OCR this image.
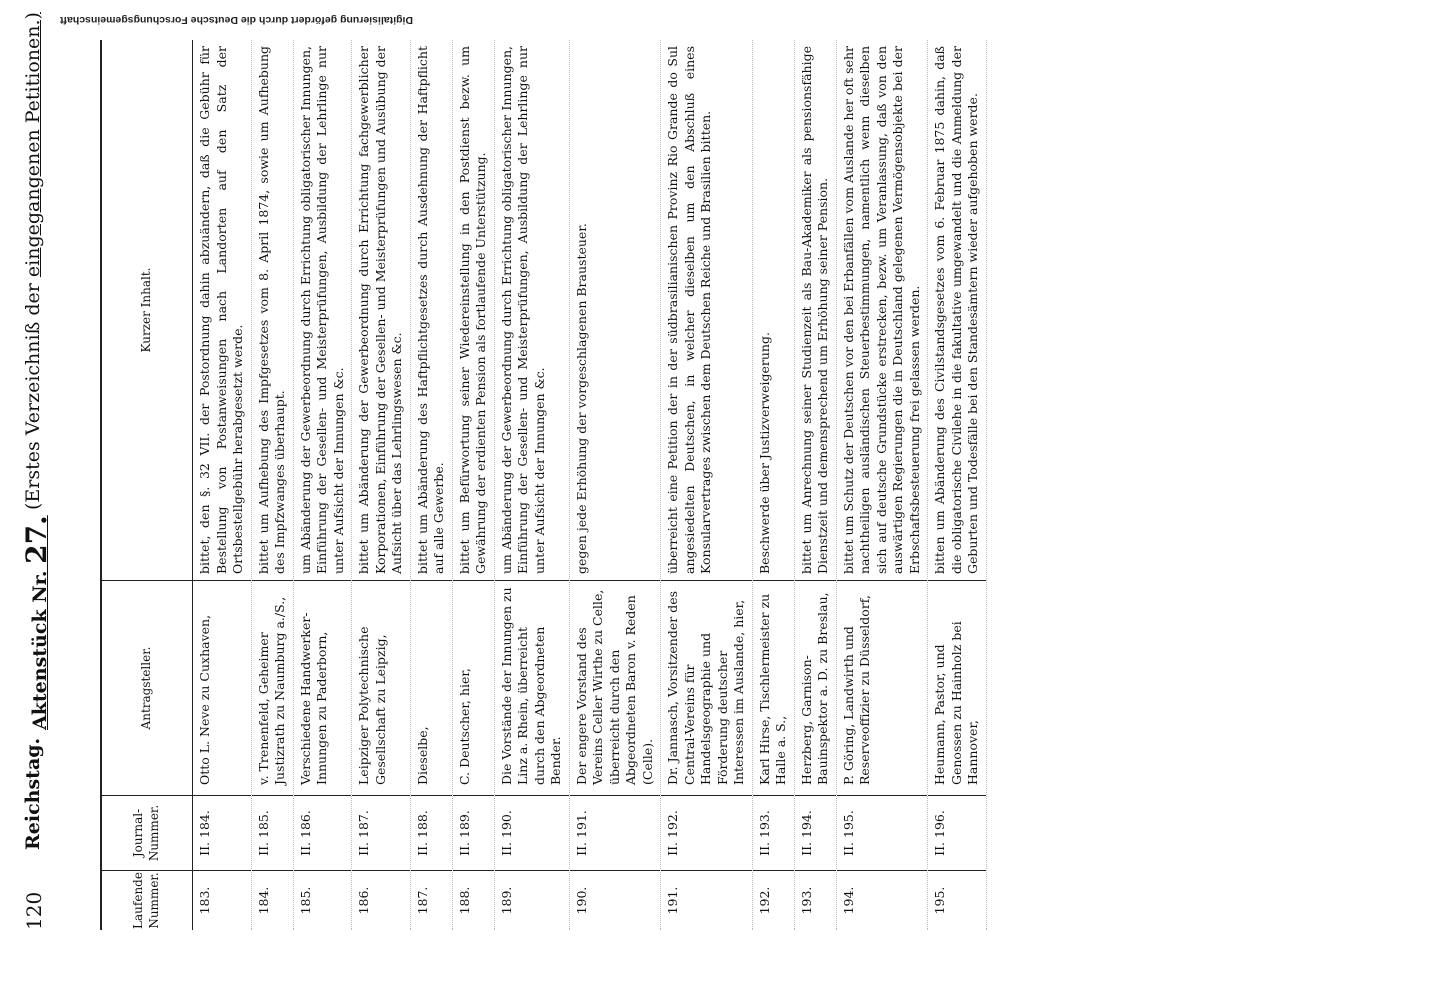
120
Reichstag.
Aktenstück Nr. 27.
(Erstes Verzeichniß der eingegangenen Petitionen.)
Laufende Nummer.
Journal-Nummer.
Antragsteller.
Kurzer Inhalt.
183.
II. 184.
Otto L. Neve zu Cuxhaven,
bittet, den §. 32 VII. der Postordnung dahin abzuändern, daß die Gebühr für Bestellung von Postanweisungen nach Landorten auf den Satz der Ortsbestellgebühr herabgesetzt werde.
184.
II. 185.
v. Trenenfeld, Geheimer Justizrath zu Naumburg a./S.,
bittet um Aufhebung des Impfgesetzes vom 8. April 1874, sowie um Aufhebung des Impfzwanges überhaupt.
185.
II. 186.
Verschiedene Handwerker-Innungen zu Paderborn,
um Abänderung der Gewerbeordnung durch Errichtung obligatorischer Innungen, Einführung der Gesellen- und Meisterprüfungen, Ausbildung der Lehrlinge nur unter Aufsicht der Innungen &c.
186.
II. 187.
Leipziger Polytechnische Gesellschaft zu Leipzig,
bittet um Abänderung der Gewerbeordnung durch Errichtung fachgewerblicher Korporationen, Einführung der Gesellen- und Meisterprüfungen und Ausübung der Aufsicht über das Lehrlingswesen &c.
187.
II. 188.
Dieselbe,
bittet um Abänderung des Haftpflichtgesetzes durch Ausdehnung der Haftpflicht auf alle Gewerbe.
188.
II. 189.
C. Deutscher, hier,
bittet um Befürwortung seiner Wiedereinstellung in den Postdienst bezw. um Gewährung der erdienten Pension als fortlaufende Unterstützung.
189.
II. 190.
Die Vorstände der Innungen zu Linz a. Rhein, überreicht durch den Abgeordneten Bender.
um Abänderung der Gewerbeordnung durch Errichtung obligatorischer Innungen, Einführung der Gesellen- und Meisterprüfungen, Ausbildung der Lehrlinge nur unter Aufsicht der Innungen &c.
190.
II. 191.
Der engere Vorstand des Vereins Celler Wirthe zu Celle, überreicht durch den Abgeordneten Baron v. Reden (Celle).
gegen jede Erhöhung der vorgeschlagenen Brausteuer.
191.
II. 192.
Dr. Jannasch, Vorsitzender des Central-Vereins für Handelsgeographie und Förderung deutscher Interessen im Auslande, hier,
überreicht eine Petition der in der südbrasilianischen Provinz Rio Grande do Sul angesiedelten Deutschen, in welcher dieselben um den Abschluß eines Konsularvertrages zwischen dem Deutschen Reiche und Brasilien bitten.
192.
II. 193.
Karl Hirse, Tischlermeister zu Halle a. S.,
Beschwerde über Justizverweigerung.
193.
II. 194.
Herzberg, Garnison-Bauinspektor a. D. zu Breslau,
bittet um Anrechnung seiner Studienzeit als Bau-Akademiker als pensionsfähige Dienstzeit und demensprechend um Erhöhung seiner Pension.
194.
II. 195.
P. Göring, Landwirth und Reserveoffizier zu Düsseldorf,
bittet um Schutz der Deutschen vor den bei Erbanfällen vom Auslande her oft sehr nachtheiligen ausländischen Steuerbestimmungen, namentlich wenn dieselben sich auf deutsche Grundstücke erstrecken, bezw. um Veranlassung, daß von den auswärtigen Regierungen die in Deutschland gelegenen Vermögensobjekte bei der Erbschaftsbesteuerung frei gelassen werden.
195.
II. 196.
Heumann, Pastor, und Genossen zu Hainholz bei Hannover,
bitten um Abänderung des Civilstandsgesetzes vom 6. Februar 1875 dahin, daß die obligatorische Civilehe in die fakultative umgewandelt und die Anmeldung der Geburten und Todesfälle bei den Standesämtern wieder aufgehoben werde.
Digitalisierung gefördert durch die Deutsche Forschungsgemeinschaft
